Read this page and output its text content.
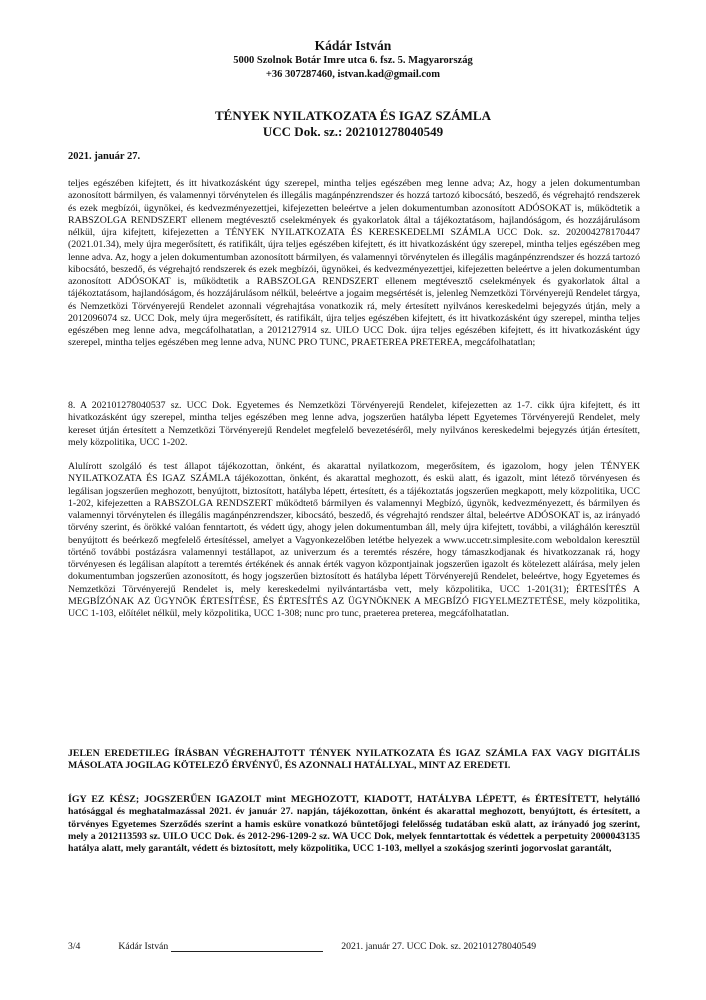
Kádár István
5000 Szolnok Botár Imre utca 6. fsz. 5. Magyarország
+36 307287460, istvan.kad@gmail.com
TÉNYEK NYILATKOZATA ÉS IGAZ SZÁMLA
UCC Dok. sz.: 202101278040549
2021. január 27.

teljes egészében kifejtett, és itt hivatkozásként úgy szerepel, mintha teljes egészében meg lenne adva; Az, hogy a jelen dokumentumban azonosított bármilyen, és valamennyi törvénytelen és illegális magánpénzrendszer és hozzá tartozó kibocsátó, beszedő, és végrehajtó rendszerek és ezek megbízói, ügynökei, és kedvezményezettjei, kifejezetten beleértve a jelen dokumentumban azonosított ADÓSOKAT is, működtetik a RABSZOLGA RENDSZERT ellenem megtévesztő cselekmények és gyakorlatok által a tájékoztatásom, hajlandóságom, és hozzájárulásom nélkül, újra kifejtett, kifejezetten a TÉNYEK NYILATKOZATA ÉS KERESKEDELMI SZÁMLA UCC Dok. sz. 202004278170447 (2021.01.34), mely újra megerősített, és ratifikált, újra teljes egészében kifejtett, és itt hivatkozásként úgy szerepel, mintha teljes egészében meg lenne adva. Az, hogy a jelen dokumentumban azonosított bármilyen, és valamennyi törvénytelen és illegális magánpénzrendszer és hozzá tartozó kibocsátó, beszedő, és végrehajtó rendszerek és ezek megbízói, ügynökei, és kedvezményezettjei, kifejezetten beleértve a jelen dokumentumban azonosított ADÓSOKAT is, működtetik a RABSZOLGA RENDSZERT ellenem megtévesztő cselekmények és gyakorlatok által a tájékoztatásom, hajlandóságom, és hozzájárulásom nélkül, beleértve a jogaim megsértését is, jelenleg Nemzetközi Törvényerejű Rendelet tárgya, és Nemzetközi Törvényerejű Rendelet azonnali végrehajtása vonatkozik rá, mely értesített nyilvános kereskedelmi bejegyzés útján, mely a 2012096074 sz. UCC Dok, mely újra megerősített, és ratifikált, újra teljes egészében kifejtett, és itt hivatkozásként úgy szerepel, mintha teljes egészében meg lenne adva, megcáfolhatatlan, a 2012127914 sz. UILO UCC Dok. újra teljes egészében kifejtett, és itt hivatkozásként úgy szerepel, mintha teljes egészében meg lenne adva, NUNC PRO TUNC, PRAETEREA PRETEREA, megcáfolhatatlan;

8. A 202101278040537 sz. UCC Dok. Egyetemes és Nemzetközi Törvényerejű Rendelet, kifejezetten az 1-7. cikk újra kifejtett, és itt hivatkozásként úgy szerepel, mintha teljes egészében meg lenne adva, jogszerűen hatályba lépett Egyetemes Törvényerejű Rendelet, mely kereset útján értesített a Nemzetközi Törvényerejű Rendelet megfelelő bevezetéséről, mely nyilvános kereskedelmi bejegyzés útján értesített, mely közpolitika, UCC 1-202.

Alulírott szolgáló és test állapot tájékozottan, önként, és akarattal nyilatkozom, megerősítem, és igazolom, hogy jelen TÉNYEK NYILATKOZATA ÉS IGAZ SZÁMLA tájékozottan, önként, és akarattal meghozott, és eskü alatt, és igazolt, mint létező törvényesen és legálisan jogszerűen meghozott, benyújtott, biztosított, hatályba lépett, értesített, és a tájékoztatás jogszerűen megkapott, mely közpolitika, UCC 1-202, kifejezetten a RABSZOLGA RENDSZERT működtető bármilyen és valamennyi Megbízó, ügynök, kedvezményezett, és bármilyen és valamennyi törvénytelen és illegális magánpénzrendszer, kibocsátó, beszedő, és végrehajtó rendszer által, beleértve ADÓSOKAT is, az irányadó törvény szerint, és örökké valóan fenntartott, és védett úgy, ahogy jelen dokumentumban áll, mely újra kifejtett, további, a világhálón keresztül benyújtott és beérkező megfelelő értesítéssel, amelyet a Vagyonkezelőben letétbe helyezek a www.uccetr.simplesite.com weboldalon keresztül történő további postázásra valamennyi testállapot, az univerzum és a teremtés részére, hogy támaszkodjanak és hivatkozzanak rá, hogy törvényesen és legálisan alapított a teremtés értékének és annak érték vagyon központjainak jogszerűen igazolt és kötelezett aláírása, mely jelen dokumentumban jogszerűen azonosított, és hogy jogszerűen biztosított és hatályba lépett Törvényerejű Rendelet, beleértve, hogy Egyetemes és Nemzetközi Törvényerejű Rendelet is, mely kereskedelmi nyilvántartásba vett, mely közpolitika, UCC 1-201(31); ÉRTESÍTÉS A MEGBÍZÓNAK AZ ÜGYNÖK ÉRTESÍTÉSE, ÉS ÉRTESÍTÉS AZ ÜGYNÖKNEK A MEGBÍZÓ FIGYELMEZTETÉSE, mely közpolitika, UCC 1-103, előítélet nélkül, mely közpolitika, UCC 1-308; nunc pro tunc, praeterea preterea, megcáfolhatatlan.

JELEN EREDETILEG ÍRÁSBAN VÉGREHAJTOTT TÉNYEK NYILATKOZATA ÉS IGAZ SZÁMLA FAX VAGY DIGITÁLIS MÁSOLATA JOGILAG KÖTELEZŐ ÉRVÉNYŰ, ÉS AZONNALI HATÁLLYAL, MINT AZ EREDETI.

ÍGY EZ KÉSZ; JOGSZERŰEN IGAZOLT mint MEGHOZOTT, KIADOTT, HATÁLYBA LÉPETT, és ÉRTESÍTETT, helytálló hatósággal és meghatalmazással 2021. év január 27. napján, tájékozottan, önként és akarattal meghozott, benyújtott, és értesített, a törvényes Egyetemes Szerződés szerint a hamis esküre vonatkozó büntetőjogi felelősség tudatában eskü alatt, az irányadó jog szerint, mely a 2012113593 sz. UILO UCC Dok. és 2012-296-1209-2 sz. WA UCC Dok, melyek fenntartottak és védettek a perpetuity 2000043135 hatálya alatt, mely garantált, védett és biztosított, mely közpolitika, UCC 1-103, mellyel a szokásjog szerinti jogorvoslat garantált,

3/4	Kádár István	2021. január 27. UCC Dok. sz. 202101278040549
